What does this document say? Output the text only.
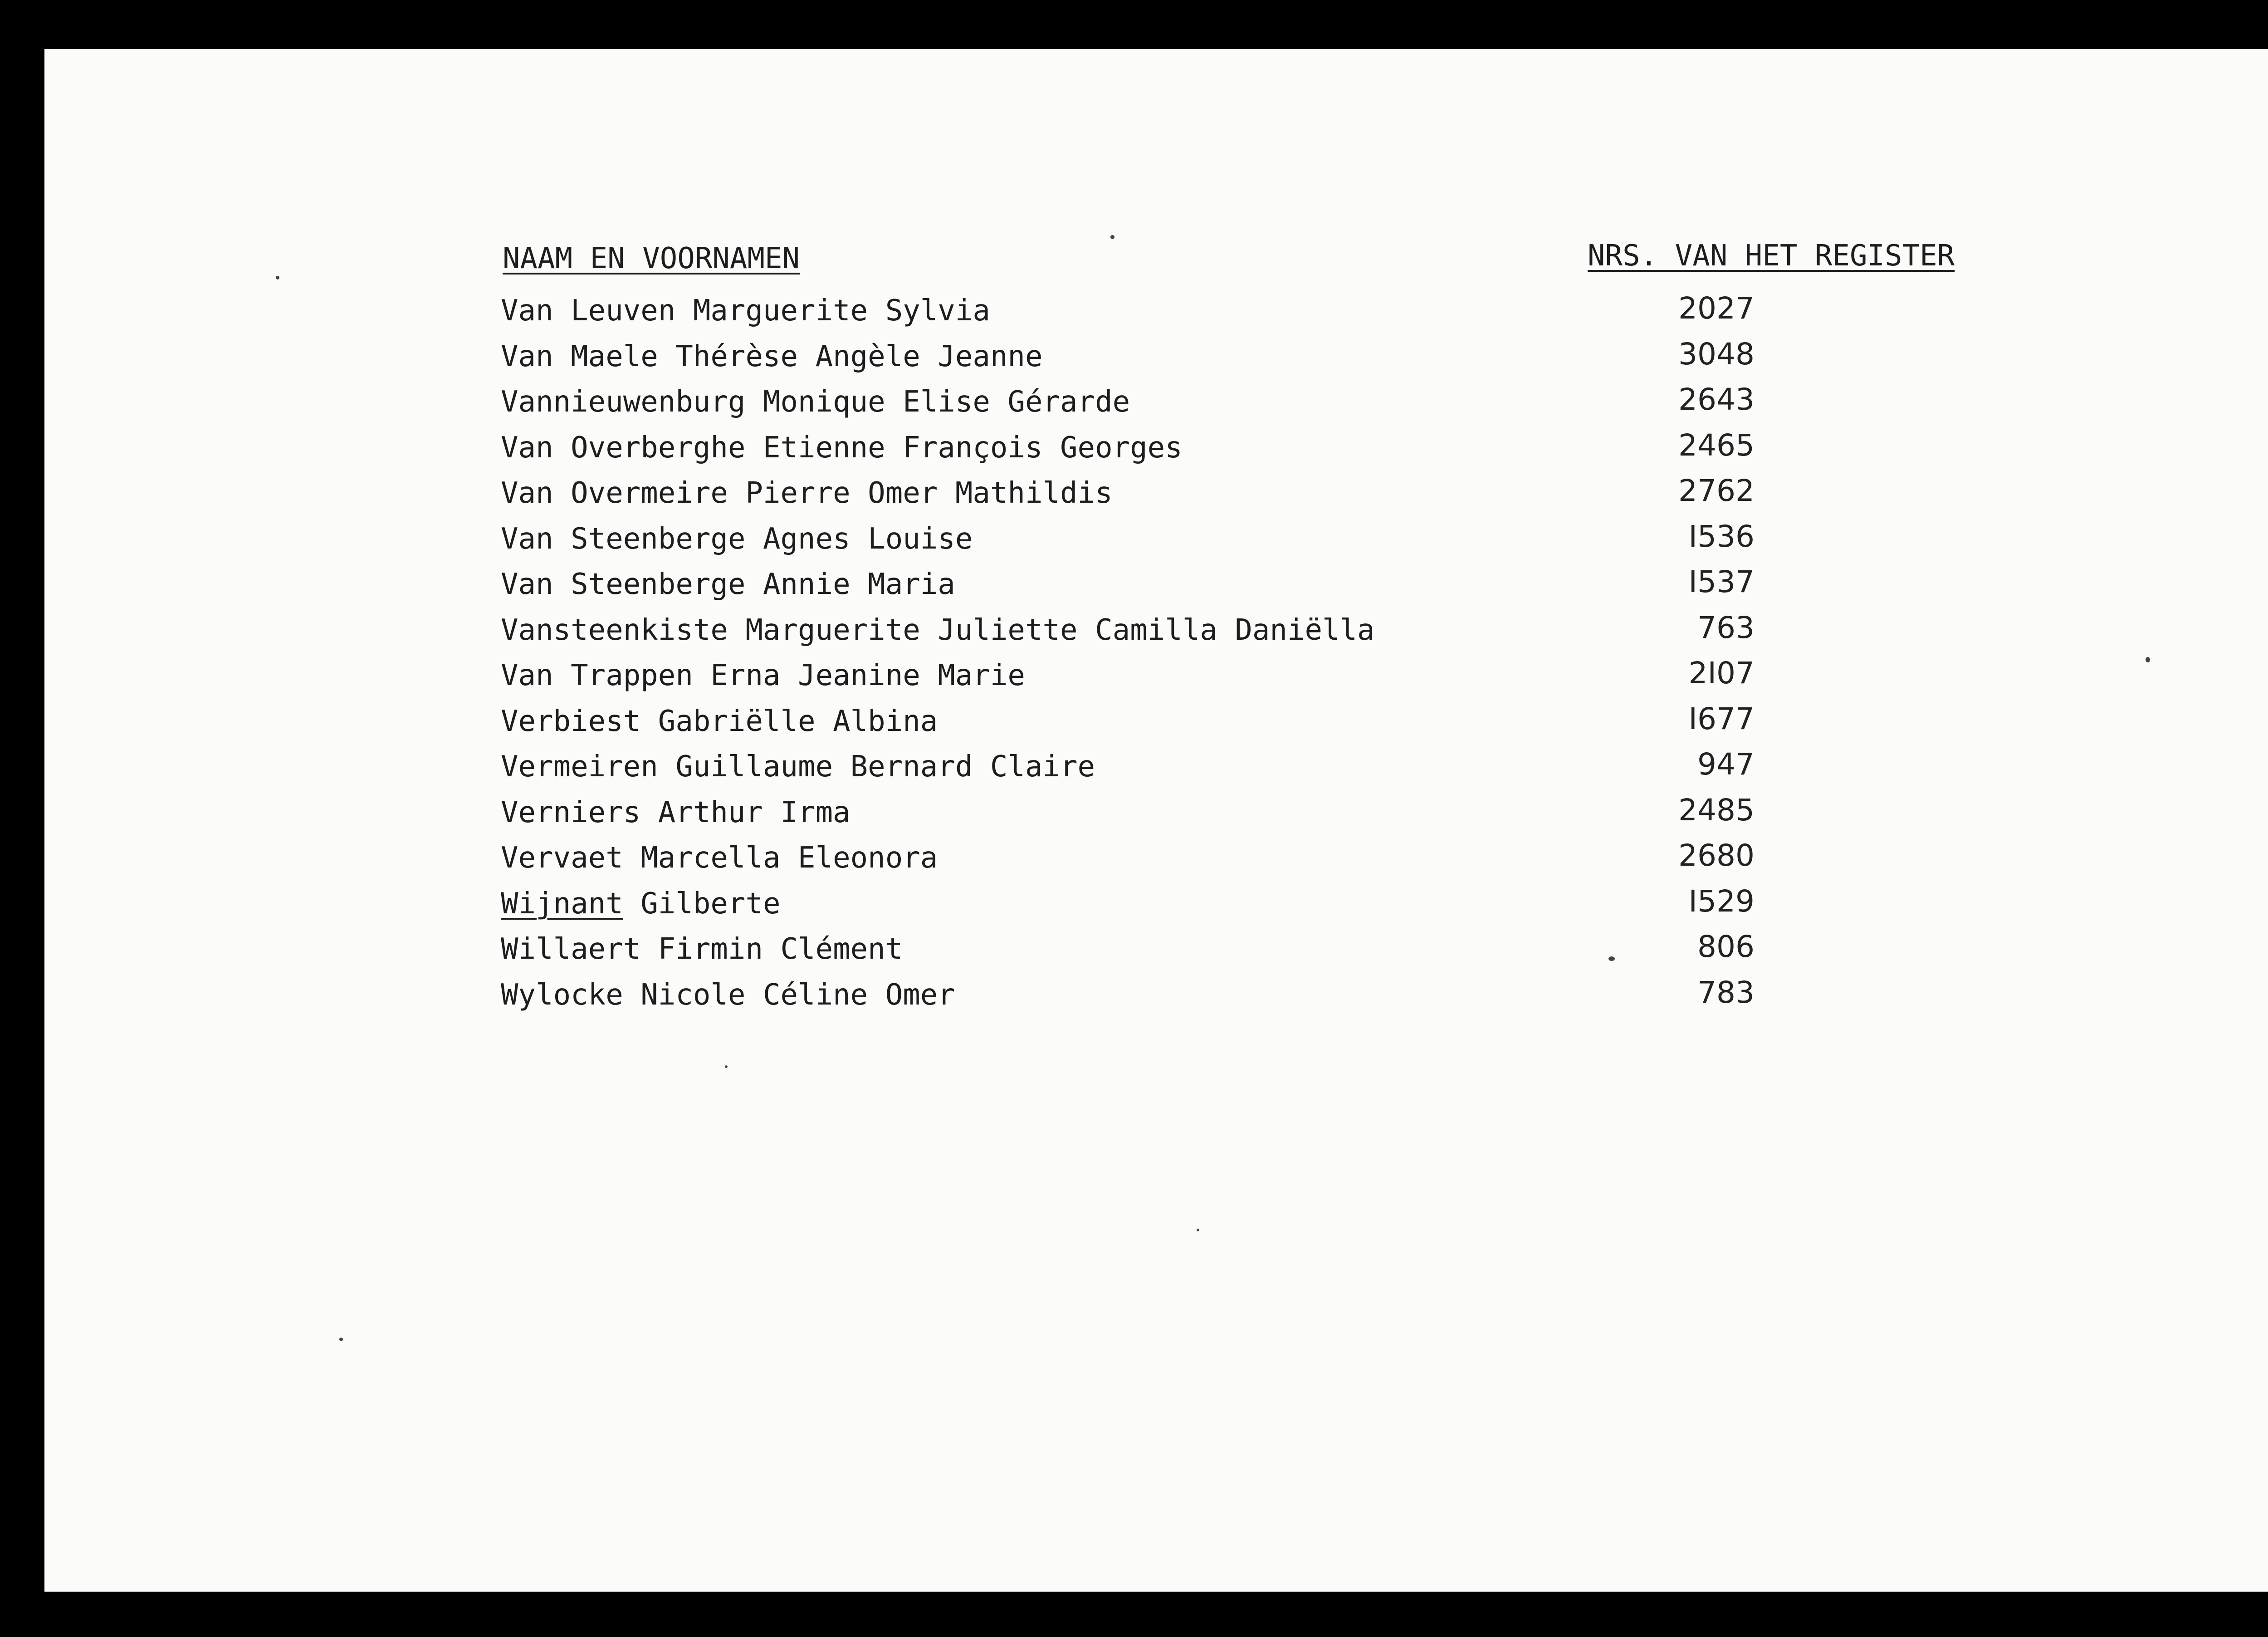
NAAM EN VOORNAMEN	NRS. VAN HET REGISTER
Van Leuven Marguerite Sylvia	2027
Van Maele Thérèse Angèle Jeanne	3048
Vannieuwenburg Monique Elise Gérarde	2643
Van Overberghe Etienne François Georges	2465
Van Overmeire Pierre Omer Mathildis	2762
Van Steenberge Agnes Louise	I536
Van Steenberge Annie Maria	I537
Vansteenkiste Marguerite Juliette Camilla Daniëlla	763
Van Trappen Erna Jeanine Marie	2I07
Verbiest Gabriëlle Albina	I677
Vermeiren Guillaume Bernard Claire	947
Verniers Arthur Irma	2485
Vervaet Marcella Eleonora	2680
Wijnant Gilberte	I529
Willaert Firmin Clément	806
Wylocke Nicole Céline Omer	783
